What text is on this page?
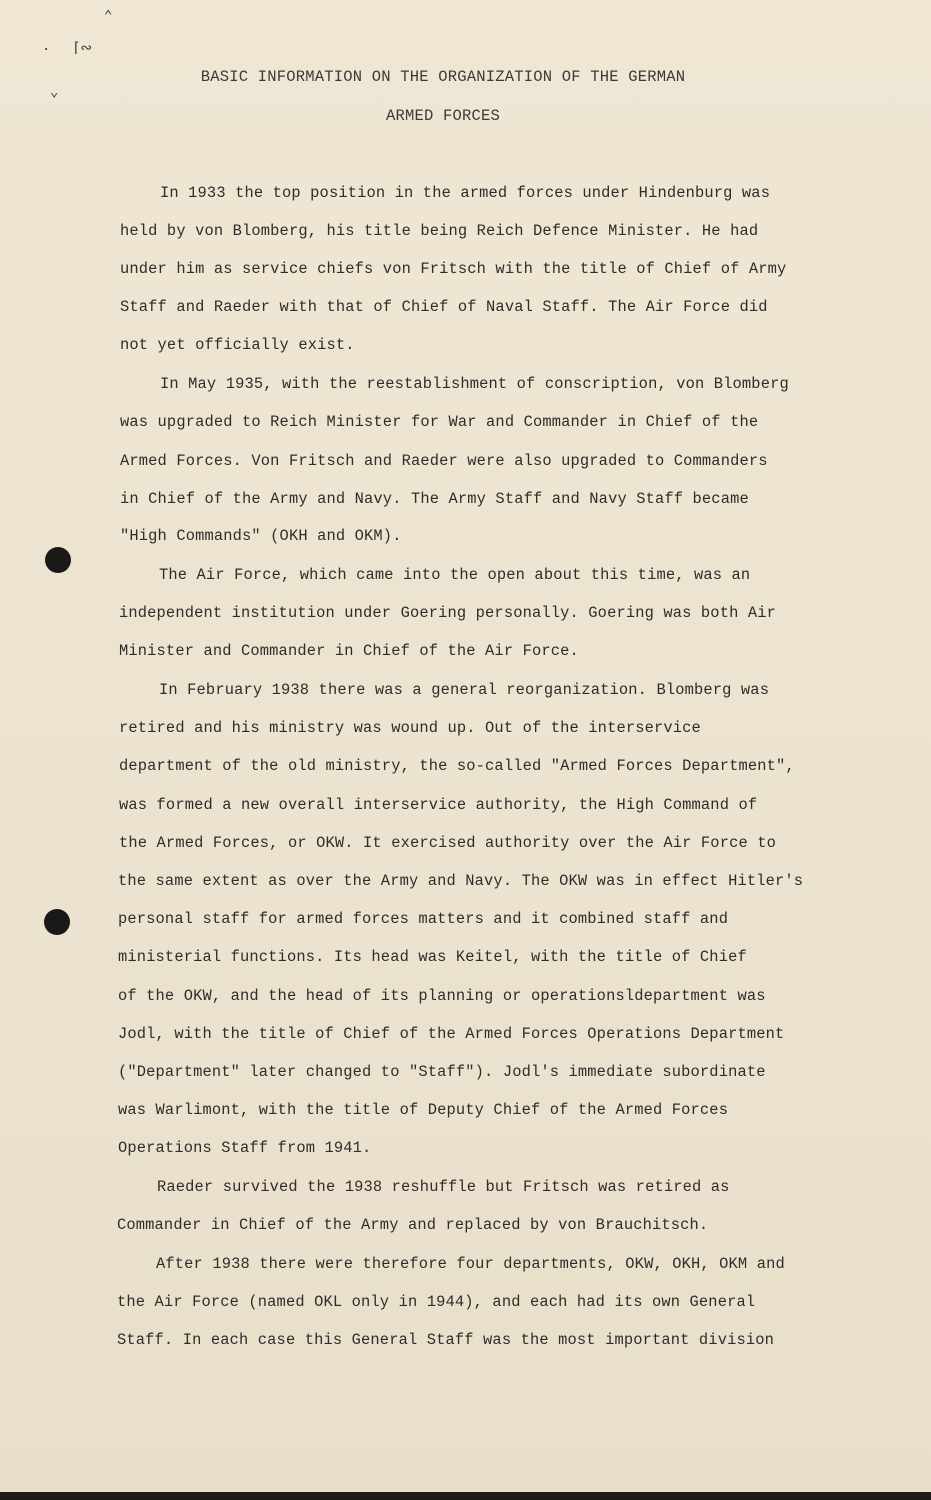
⌃
· ⌈∾
⌄
BASIC INFORMATION ON THE ORGANIZATION OF THE GERMAN
ARMED FORCES
In 1933 the top position in the armed forces under Hindenburg was
held by von Blomberg, his title being Reich Defence Minister. He had
under him as service chiefs von Fritsch with the title of Chief of Army
Staff and Raeder with that of Chief of Naval Staff. The Air Force did
not yet officially exist.
In May 1935, with the reestablishment of conscription, von Blomberg
was upgraded to Reich Minister for War and Commander in Chief of the
Armed Forces. Von Fritsch and Raeder were also upgraded to Commanders
in Chief of the Army and Navy. The Army Staff and Navy Staff became
"High Commands" (OKH and OKM).
The Air Force, which came into the open about this time, was an
independent institution under Goering personally. Goering was both Air
Minister and Commander in Chief of the Air Force.
In February 1938 there was a general reorganization. Blomberg was
retired and his ministry was wound up. Out of the interservice
department of the old ministry, the so-called "Armed Forces Department",
was formed a new overall interservice authority, the High Command of
the Armed Forces, or OKW. It exercised authority over the Air Force to
the same extent as over the Army and Navy. The OKW was in effect Hitler's
personal staff for armed forces matters and it combined staff and
ministerial functions. Its head was Keitel, with the title of Chief
of the OKW, and the head of its planning or operationsldepartment was
Jodl, with the title of Chief of the Armed Forces Operations Department
("Department" later changed to "Staff"). Jodl's immediate subordinate
was Warlimont, with the title of Deputy Chief of the Armed Forces
Operations Staff from 1941.
Raeder survived the 1938 reshuffle but Fritsch was retired as
Commander in Chief of the Army and replaced by von Brauchitsch.
After 1938 there were therefore four departments, OKW, OKH, OKM and
the Air Force (named OKL only in 1944), and each had its own General
Staff. In each case this General Staff was the most important division
